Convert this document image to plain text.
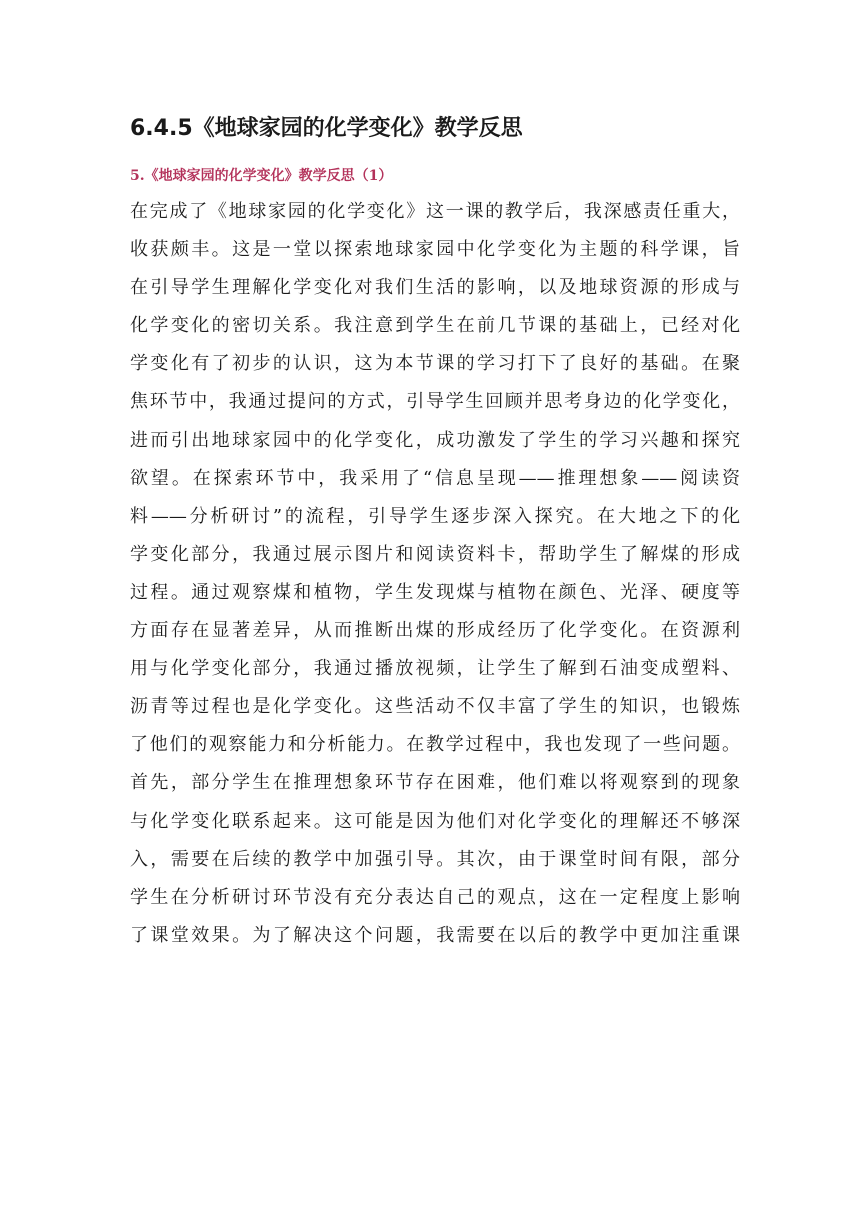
6.4.5《地球家园的化学变化》教学反思
5.《地球家园的化学变化》教学反思（1）
在完成了《地球家园的化学变化》这一课的教学后，我深感责任重大，
收获颇丰。这是一堂以探索地球家园中化学变化为主题的科学课，旨
在引导学生理解化学变化对我们生活的影响，以及地球资源的形成与
化学变化的密切关系。我注意到学生在前几节课的基础上，已经对化
学变化有了初步的认识，这为本节课的学习打下了良好的基础。在聚
焦环节中，我通过提问的方式，引导学生回顾并思考身边的化学变化，
进而引出地球家园中的化学变化，成功激发了学生的学习兴趣和探究
欲望。在探索环节中，我采用了“信息呈现——推理想象——阅读资
料——分析研讨”的流程，引导学生逐步深入探究。在大地之下的化
学变化部分，我通过展示图片和阅读资料卡，帮助学生了解煤的形成
过程。通过观察煤和植物，学生发现煤与植物在颜色、光泽、硬度等
方面存在显著差异，从而推断出煤的形成经历了化学变化。在资源利
用与化学变化部分，我通过播放视频，让学生了解到石油变成塑料、
沥青等过程也是化学变化。这些活动不仅丰富了学生的知识，也锻炼
了他们的观察能力和分析能力。在教学过程中，我也发现了一些问题。
首先，部分学生在推理想象环节存在困难，他们难以将观察到的现象
与化学变化联系起来。这可能是因为他们对化学变化的理解还不够深
入，需要在后续的教学中加强引导。其次，由于课堂时间有限，部分
学生在分析研讨环节没有充分表达自己的观点，这在一定程度上影响
了课堂效果。为了解决这个问题，我需要在以后的教学中更加注重课
